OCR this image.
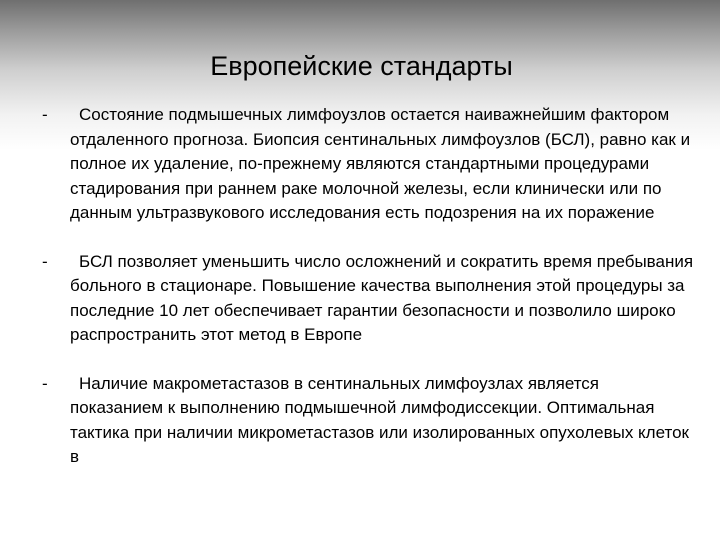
Европейские стандарты
-	Состояние подмышечных лимфоузлов остается наиважнейшим фактором отдаленного прогноза. Биопсия сентинальных лимфоузлов (БСЛ), равно как и полное их удаление, по-прежнему являются стандартными процедурами стадирования при раннем раке молочной железы, если клинически или по данным ультразвукового исследования есть подозрения на их поражение
-	БСЛ позволяет уменьшить число осложнений и сократить время пребывания больного в стационаре. Повышение качества выполнения этой процедуры за последние 10 лет обеспечивает гарантии безопасности и позволило широко распространить этот метод в Европе
-	Наличие макрометастазов в сентинальных лимфоузлах является показанием к выполнению подмышечной лимфодиссекции. Оптимальная тактика при наличии микрометастазов или изолированных опухолевых клеток в
